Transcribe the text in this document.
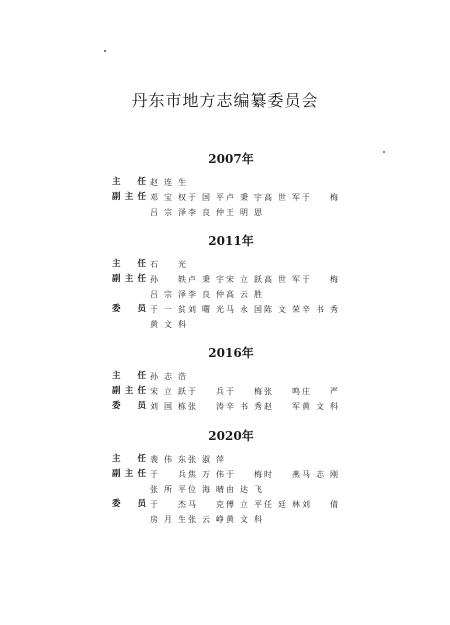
丹东市地方志编纂委员会
2007年
主 任 赵连生
副主任 邓宝权 于国平 卢秉宇 高世军 于 梅
吕宗泽 李良仲 王明恩
2011年
主 任 石 光
副主任 孙 轶 卢秉宇 宋立跃 高世军 于 梅
吕宗泽 李良仲 高云胜
委 员 于一贫 刘曙光 马永国 陈文荣 辛书秀
黄文科
2016年
主 任 孙志浩
副主任 宋立跃 于 兵 于 梅 张 鸣 庄 严
委 员 刘国栋 张 涛 辛书秀 赵 军 黄文科
2020年
主 任 裴伟东 张淑萍
副主任 于 兵 焦万伟 于 梅 时 燕 马志刚
张所平 位海晴 由达飞
委 员 于 杰 马 克 傅立平 任廷林 刘 倩
房月生 张云峥 黄文科
